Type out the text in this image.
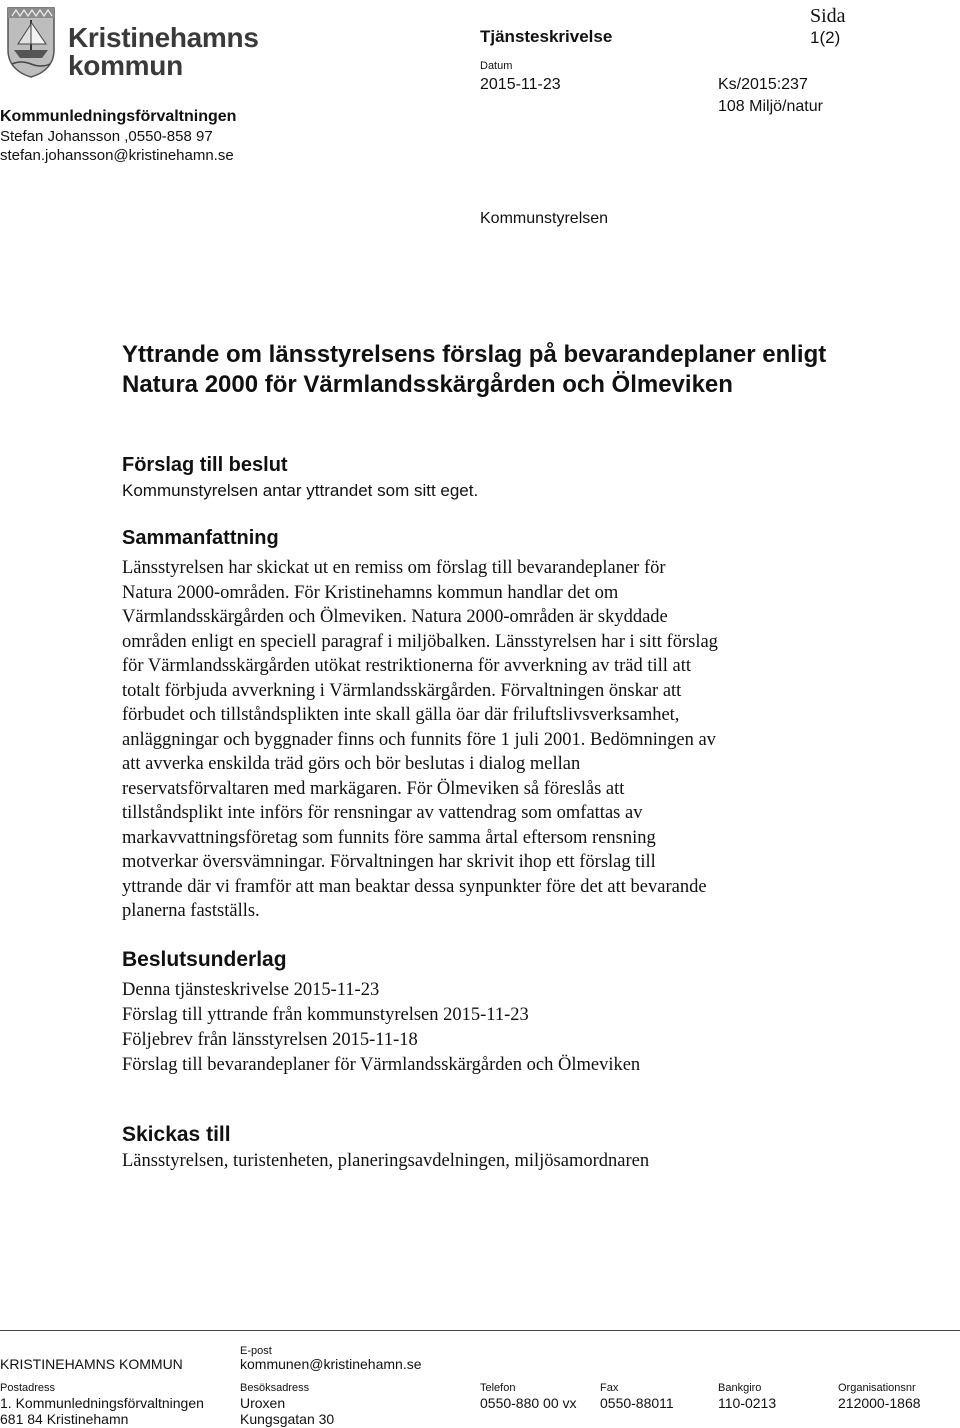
Kristinehamns
kommun
Kommunledningsförvaltningen
Stefan Johansson ,0550-858 97
stefan.johansson@kristinehamn.se
Tjänsteskrivelse
Datum
2015-11-23
Sida
1(2)
Ks/2015:237
108 Miljö/natur
Kommunstyrelsen
Yttrande om länsstyrelsens förslag på bevarandeplaner enligt Natura 2000 för Värmlandsskärgården och Ölmeviken
Förslag till beslut
Kommunstyrelsen antar yttrandet som sitt eget.
Sammanfattning
Länsstyrelsen har skickat ut en remiss om förslag till bevarandeplaner för
Natura 2000-områden. För Kristinehamns kommun handlar det om
Värmlandsskärgården och Ölmeviken. Natura 2000-områden är skyddade
områden enligt en speciell paragraf i miljöbalken. Länsstyrelsen har i sitt förslag
för Värmlandsskärgården utökat restriktionerna för avverkning av träd till att
totalt förbjuda avverkning i Värmlandsskärgården. Förvaltningen önskar att
förbudet och tillståndsplikten inte skall gälla öar där friluftslivsverksamhet,
anläggningar och byggnader finns och funnits före 1 juli 2001. Bedömningen av
att avverka enskilda träd görs och bör beslutas i dialog mellan
reservatsförvaltaren med markägaren. För Ölmeviken så föreslås att
tillståndsplikt inte införs för rensningar av vattendrag som omfattas av
markavvattningsföretag som funnits före samma årtal eftersom rensning
motverkar översvämningar. Förvaltningen har skrivit ihop ett förslag till
yttrande där vi framför att man beaktar dessa synpunkter före det att bevarande
planerna fastställs.
Beslutsunderlag
Denna tjänsteskrivelse 2015-11-23
Förslag till yttrande från kommunstyrelsen 2015-11-23
Följebrev från länsstyrelsen 2015-11-18
Förslag till bevarandeplaner för Värmlandsskärgården och Ölmeviken
Skickas till
Länsstyrelsen, turistenheten, planeringsavdelningen, miljösamordnaren
E-post
KRISTINEHAMNS KOMMUN	kommunen@kristinehamn.se
Postadress
1. Kommunledningsförvaltningen
681 84 Kristinehamn
Besöksadress
Uroxen
Kungsgatan 30
Telefon
0550-880 00 vx
Fax
0550-88011
Bankgiro
110-0213
Organisationsnr
212000-1868
